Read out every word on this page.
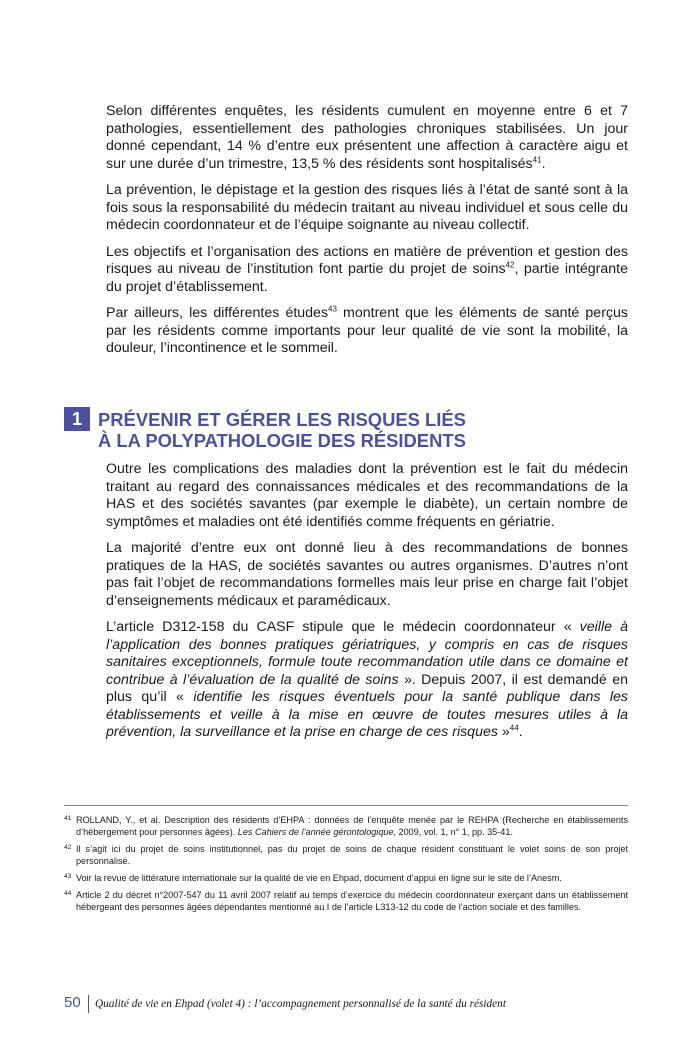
Selon différentes enquêtes, les résidents cumulent en moyenne entre 6 et 7 pathologies, essentiellement des pathologies chroniques stabilisées. Un jour donné cependant, 14 % d’entre eux présentent une affection à caractère aigu et sur une durée d’un trimestre, 13,5 % des résidents sont hospitalisés$^{41}$.

La prévention, le dépistage et la gestion des risques liés à l’état de santé sont à la fois sous la responsabilité du médecin traitant au niveau individuel et sous celle du médecin coordonnateur et de l’équipe soignante au niveau collectif.

Les objectifs et l’organisation des actions en matière de prévention et gestion des risques au niveau de l’institution font partie du projet de soins$^{42}$, partie intégrante du projet d’établissement.

Par ailleurs, les différentes études$^{43}$ montrent que les éléments de santé perçus par les résidents comme importants pour leur qualité de vie sont la mobilité, la douleur, l’incontinence et le sommeil.

1 PRÉVENIR ET GÉRER LES RISQUES LIÉS
À LA POLYPATHOLOGIE DES RÉSIDENTS

Outre les complications des maladies dont la prévention est le fait du médecin traitant au regard des connaissances médicales et des recommandations de la HAS et des sociétés savantes (par exemple le diabète), un certain nombre de symptômes et maladies ont été identifiés comme fréquents en gériatrie.

La majorité d’entre eux ont donné lieu à des recommandations de bonnes pratiques de la HAS, de sociétés savantes ou autres organismes. D’autres n’ont pas fait l’objet de recommandations formelles mais leur prise en charge fait l’objet d’enseignements médicaux et paramédicaux.

L’article D312-158 du CASF stipule que le médecin coordonnateur « veille à l’application des bonnes pratiques gériatriques, y compris en cas de risques sanitaires exceptionnels, formule toute recommandation utile dans ce domaine et contribue à l’évaluation de la qualité de soins ». Depuis 2007, il est demandé en plus qu’il « identifie les risques éventuels pour la santé publique dans les établissements et veille à la mise en œuvre de toutes mesures utiles à la prévention, la surveillance et la prise en charge de ces risques »$^{44}$.

41 ROLLAND, Y., et al. Description des résidents d’EHPA : données de l’enquête menée par le REHPA (Recherche en établissements d’hébergement pour personnes âgées). Les Cahiers de l’année gérontologique, 2009, vol. 1, n° 1, pp. 35-41.
42 Il s’agit ici du projet de soins institutionnel, pas du projet de soins de chaque résident constituant le volet soins de son projet personnalisé.
43 Voir la revue de littérature internationale sur la qualité de vie en Ehpad, document d’appui en ligne sur le site de l’Anesm.
44 Article 2 du décret n°2007-547 du 11 avril 2007 relatif au temps d’exercice du médecin coordonnateur exerçant dans un établissement hébergeant des personnes âgées dépendantes mentionné au I de l’article L313-12 du code de l’action sociale et des familles.
50 Qualité de vie en Ehpad (volet 4) : l’accompagnement personnalisé de la santé du résident
